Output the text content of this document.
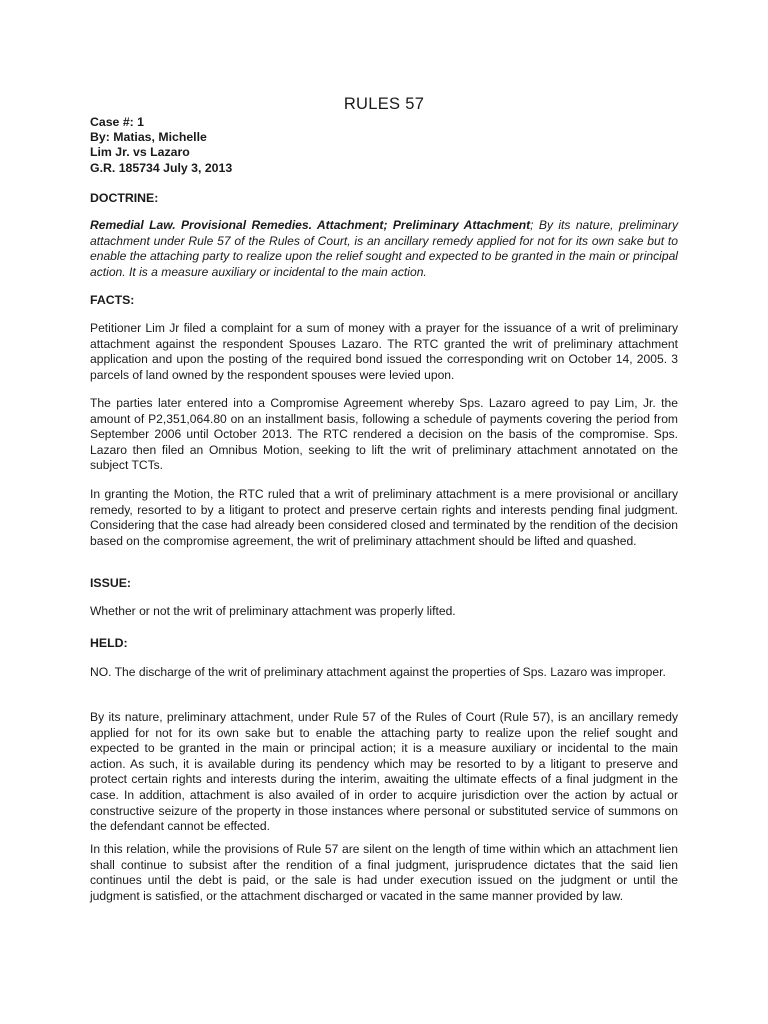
RULES 57
Case #: 1
By: Matias, Michelle
Lim Jr. vs Lazaro
G.R. 185734 July 3, 2013
DOCTRINE:
Remedial Law. Provisional Remedies. Attachment; Preliminary Attachment; By its nature, preliminary attachment under Rule 57 of the Rules of Court, is an ancillary remedy applied for not for its own sake but to enable the attaching party to realize upon the relief sought and expected to be granted in the main or principal action. It is a measure auxiliary or incidental to the main action.
FACTS:
Petitioner Lim Jr filed a complaint for a sum of money with a prayer for the issuance of a writ of preliminary attachment against the respondent Spouses Lazaro. The RTC granted the writ of preliminary attachment application and upon the posting of the required bond issued the corresponding writ on October 14, 2005. 3 parcels of land owned by the respondent spouses were levied upon.
The parties later entered into a Compromise Agreement whereby Sps. Lazaro agreed to pay Lim, Jr. the amount of P2,351,064.80 on an installment basis, following a schedule of payments covering the period from September 2006 until October 2013. The RTC rendered a decision on the basis of the compromise. Sps. Lazaro then filed an Omnibus Motion, seeking to lift the writ of preliminary attachment annotated on the subject TCTs.
In granting the Motion, the RTC ruled that a writ of preliminary attachment is a mere provisional or ancillary remedy, resorted to by a litigant to protect and preserve certain rights and interests pending final judgment. Considering that the case had already been considered closed and terminated by the rendition of the decision based on the compromise agreement, the writ of preliminary attachment should be lifted and quashed.
ISSUE:
Whether or not the writ of preliminary attachment was properly lifted.
HELD:
NO. The discharge of the writ of preliminary attachment against the properties of Sps. Lazaro was improper.
By its nature, preliminary attachment, under Rule 57 of the Rules of Court (Rule 57), is an ancillary remedy applied for not for its own sake but to enable the attaching party to realize upon the relief sought and expected to be granted in the main or principal action; it is a measure auxiliary or incidental to the main action. As such, it is available during its pendency which may be resorted to by a litigant to preserve and protect certain rights and interests during the interim, awaiting the ultimate effects of a final judgment in the case. In addition, attachment is also availed of in order to acquire jurisdiction over the action by actual or constructive seizure of the property in those instances where personal or substituted service of summons on the defendant cannot be effected.
In this relation, while the provisions of Rule 57 are silent on the length of time within which an attachment lien shall continue to subsist after the rendition of a final judgment, jurisprudence dictates that the said lien continues until the debt is paid, or the sale is had under execution issued on the judgment or until the judgment is satisfied, or the attachment discharged or vacated in the same manner provided by law.
